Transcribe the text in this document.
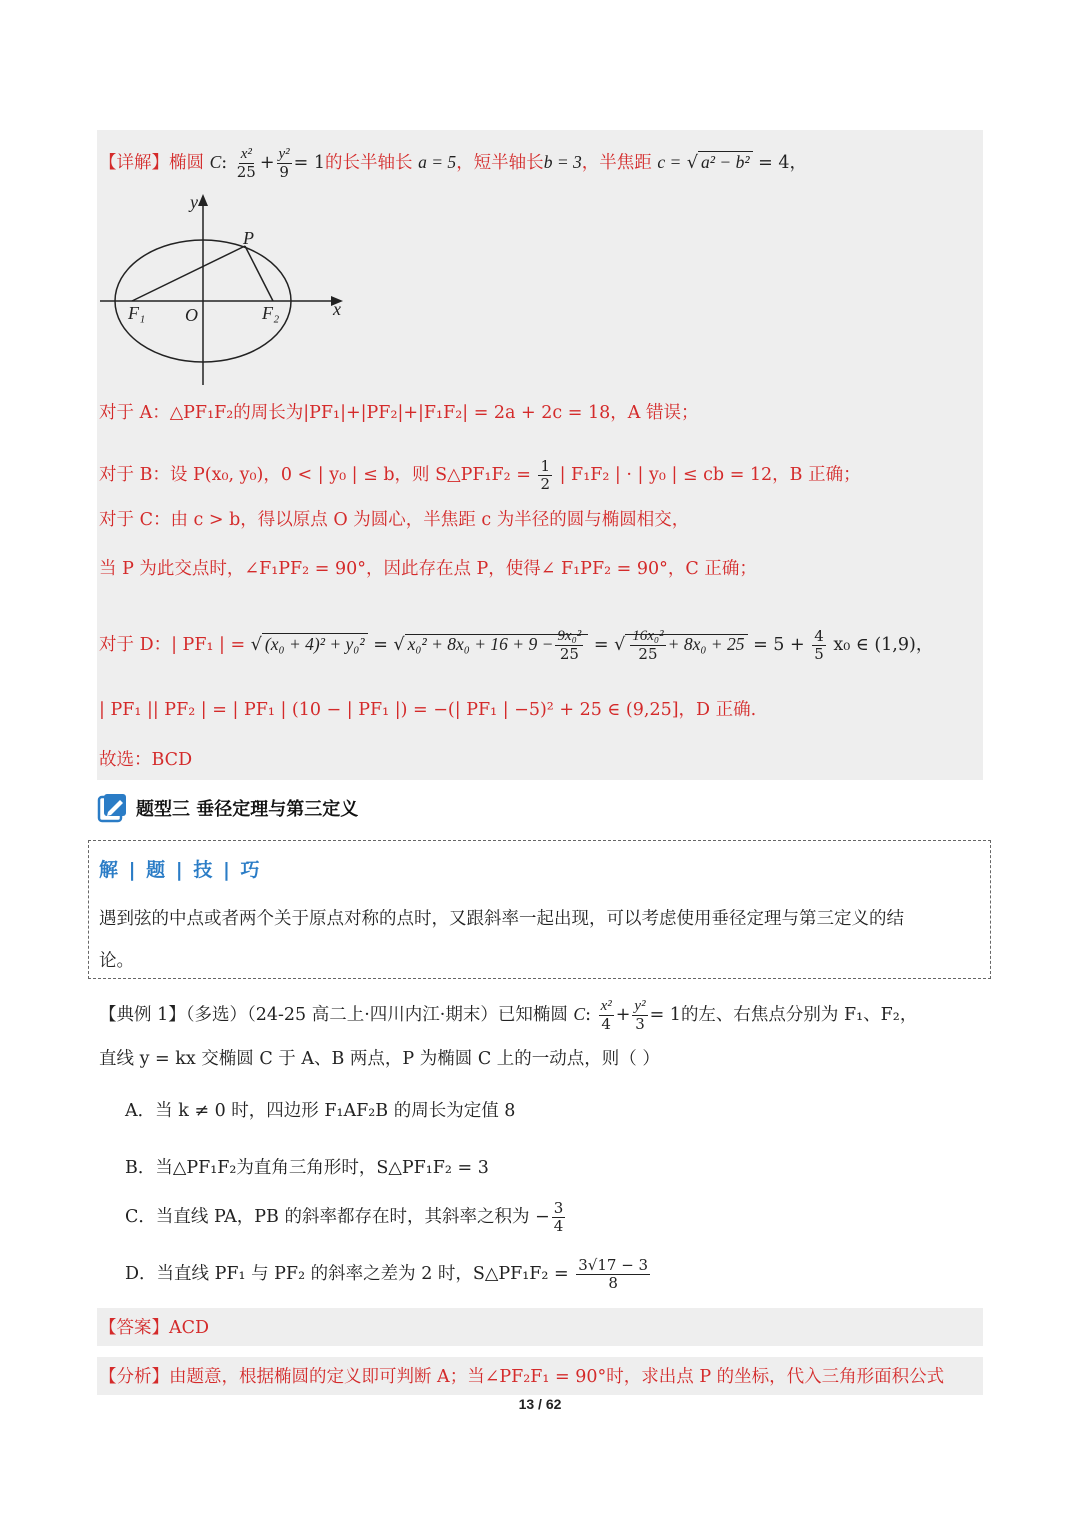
【详解】椭圆 C: $\frac{\text{x²}}{25} + \frac{\text{y²}}{9} = 1$的长半轴长 a = 5，短半轴长b = 3，半焦距 c = √ a² − b² = 4，
y
x
P
O
F₁	F₂
对于 A：△PF₁F₂的周长为|PF₁|+|PF₂|+|F₁F₂| = 2a + 2c = 18，A 错误；
对于 B：设 P(x₀, y₀)，0 < | y₀ | ≤ b，则 S△PF₁F₂ = $\frac{1}{2}$ | F₁F₂ | · | y₀ | ≤ cb = 12，B 正确；
对于 C：由 c > b，得以原点 O 为圆心，半焦距 c 为半径的圆与椭圆相交，
当 P 为此交点时，∠F₁PF₂ = 90°，因此存在点 P，使得∠ F₁PF₂ = 90°，C 正确；
对于 D：| PF₁ | = √ (x₀ + 4)² + y₀² = √ $x_0^2 + 8x_0 + 16 + 9 - \frac{\text{9x₀²}}{25}$ = √ $\frac{\text{16x₀²}}{25} + 8x_0 + 25 = 5 + \frac{4}{5} x_0$ ∈ (1,9)，
| PF₁ || PF₂ | = | PF₁ | (10 − | PF₁ |) = −(| PF₁ | −5)² + 25 ∈ (9,25]，D 正确.
故选：BCD
题型三 垂径定理与第三定义
解 | 题 | 技 | 巧
遇到弦的中点或者两个关于原点对称的点时，又跟斜率一起出现，可以考虑使用垂径定理与第三定义的结
论。
【典例 1】（多选）（24-25 高二上·四川内江·期末）已知椭圆 C: $\frac{\text{x²}}{4} + \frac{\text{y²}}{3} = 1$的左、右焦点分别为 F₁、F₂，
直线 y = kx 交椭圆 C 于 A、B 两点，P 为椭圆 C 上的一动点，则（ ）
A．当 k ≠ 0 时，四边形 F₁AF₂B 的周长为定值 8
B．当△PF₁F₂为直角三角形时，S△PF₁F₂ = 3
C．当直线 PA，PB 的斜率都存在时，其斜率之积为 − $\frac{3}{4}$
D．当直线 PF₁ 与 PF₂ 的斜率之差为 2 时，S△PF₁F₂ = $\frac{3√17 - 3}{8}$
【答案】ACD
【分析】由题意，根据椭圆的定义即可判断 A；当∠PF₂F₁ = 90°时，求出点 P 的坐标，代入三角形面积公式
13 / 62
